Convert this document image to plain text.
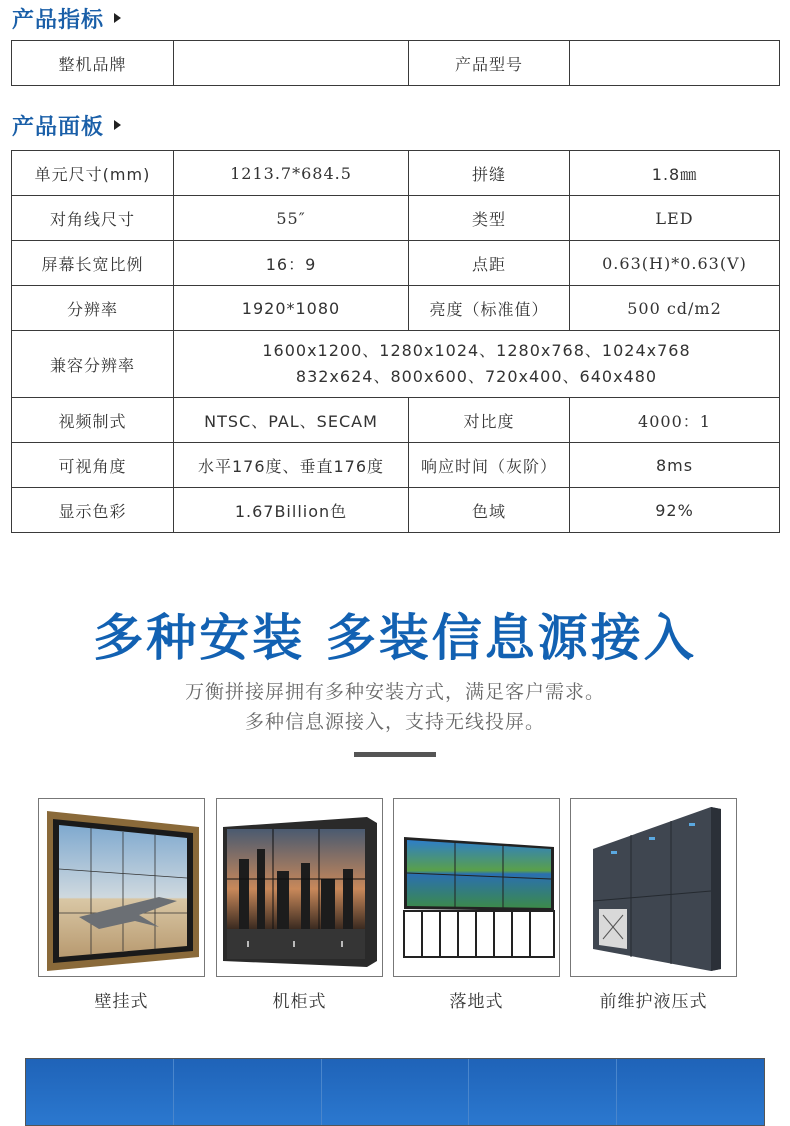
产品指标
整机品牌		产品型号	
产品面板
单元尺寸(mm)	1213.7*684.5	拼缝	1.8㎜
对角线尺寸	55″	类型	LED
屏幕长宽比例	16：9	点距	0.63(H)*0.63(V)
分辨率	1920*1080	亮度（标准值）	500 cd/m2
兼容分辨率	1600x1200、1280x1024、1280x768、1024x768
832x624、800x600、720x400、640x480		

视频制式	NTSC、PAL、SECAM	对比度	4000：1
可视角度	水平176度、垂直176度	响应时间（灰阶）	8ms
显示色彩	1.67Billion色	色域	92%
多种安装 多装信息源接入
万衡拼接屏拥有多种安装方式，满足客户需求。
多种信息源接入，支持无线投屏。
壁挂式	机柜式	落地式	前维护液压式
